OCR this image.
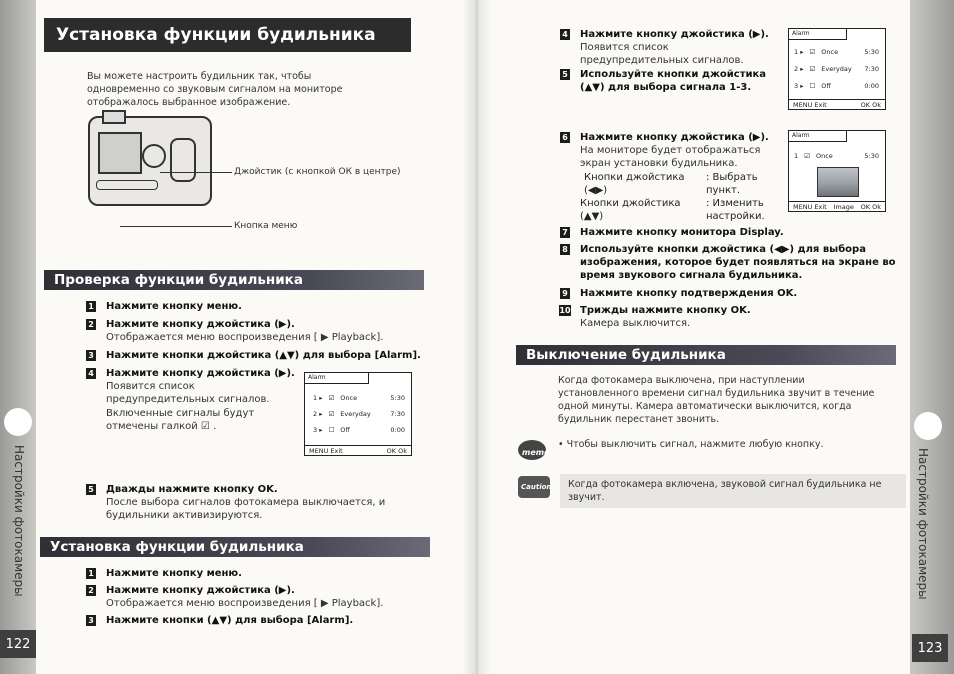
Настройки фотокамеры
122
Установка функции будильника
Вы можете настроить будильник так, чтобы одновременно со звуковым сигналом на мониторе отображалось выбранное изображение.
Джойстик (с кнопкой ОК в центре)
Кнопка меню
Проверка функции будильника
1 Нажмите кнопку меню.
2 Нажмите кнопку джойстика (▶).
Отображается меню воспроизведения [ ▶ Playback].
3 Нажмите кнопки джойстика (▲▼) для выбора [Alarm].
4 Нажмите кнопку джойстика (▶).
Появится список предупредительных сигналов. Включенные сигналы будут отмечены галкой ☑ .
Alarm
1 ▸ ☑ Once	5:30
2 ▸ ☑ Everyday	7:30
3 ▸ ☐ Off	0:00
MENU Exit	OK Ok
5 Дважды нажмите кнопку OK.
После выбора сигналов фотокамера выключается, и будильники активизируются.
Установка функции будильника
1 Нажмите кнопку меню.
2 Нажмите кнопку джойстика (▶).
Отображается меню воспроизведения [ ▶ Playback].
3 Нажмите кнопки (▲▼) для выбора [Alarm].
Настройки фотокамеры
123
4 Нажмите кнопку джойстика (▶).
Появится список предупредительных сигналов.
5 Используйте кнопки джойстика (▲▼) для выбора сигнала 1-3.
Alarm
1 ▸ ☑ Once	5:30
2 ▸ ☑ Everyday 7:30
3 ▸ ☐ Off	0:00
MENU Exit	OK Ok
6 Нажмите кнопку джойстика (▶).
На мониторе будет отображаться экран установки будильника.
Кнопки джойстика (◀▶)
: Выбрать пункт.
Кнопки джойстика (▲▼)
: Изменить настройки.
Alarm
1 ☑ Once	5:30
MENU Exit Image OK Ok
7 Нажмите кнопку монитора Display.
8 Используйте кнопки джойстика (◀▶) для выбора изображения, которое будет появляться на экране во время звукового сигнала будильника.
9 Нажмите кнопку подтверждения OK.
10 Трижды нажмите кнопку OK.
Камера выключится.
Выключение будильника
Когда фотокамера выключена, при наступлении установленного времени сигнал будильника звучит в течение одной минуты. Камера автоматически выключится, когда будильник перестанет звонить.
memo
• Чтобы выключить сигнал, нажмите любую кнопку.
Caution	Когда фотокамера включена, звуковой сигнал будильника не звучит.
